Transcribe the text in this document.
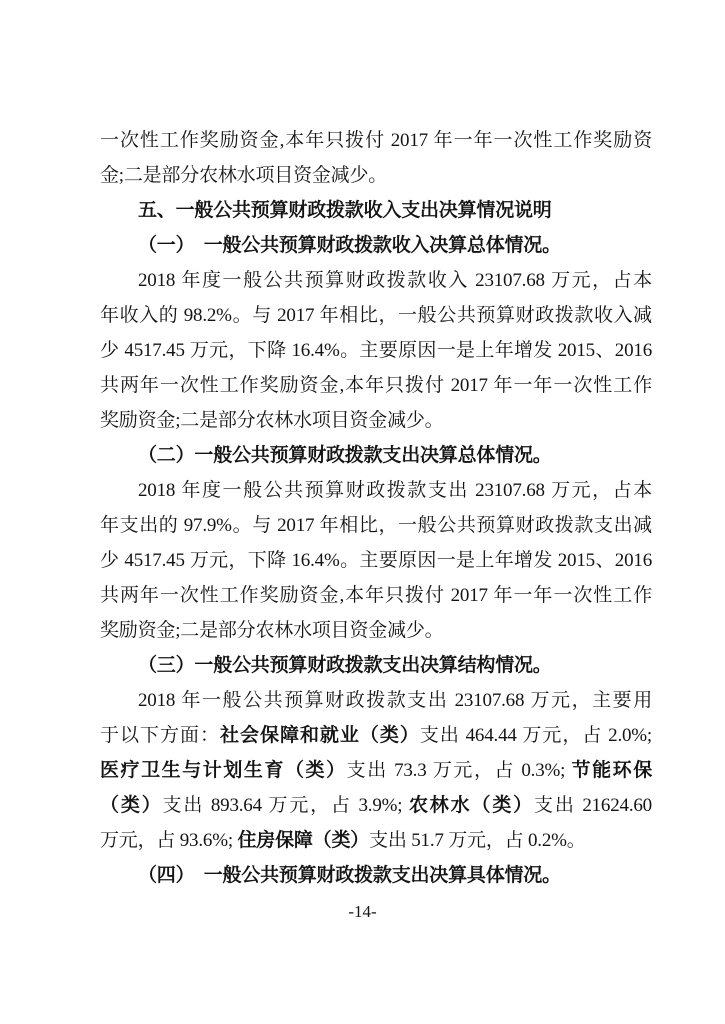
一次性工作奖励资金,本年只拨付 2017 年一年一次性工作奖励资
金;二是部分农林水项目资金减少。
五、一般公共预算财政拨款收入支出决算情况说明
（一）　一般公共预算财政拨款收入决算总体情况。
2018 年度一般公共预算财政拨款收入 23107.68 万元，占本
年收入的 98.2%。与 2017 年相比，一般公共预算财政拨款收入减
少 4517.45 万元，下降 16.4%。主要原因一是上年增发 2015、2016
共两年一次性工作奖励资金,本年只拨付 2017 年一年一次性工作
奖励资金;二是部分农林水项目资金减少。
（二）一般公共预算财政拨款支出决算总体情况。
2018 年度一般公共预算财政拨款支出 23107.68 万元，占本
年支出的 97.9%。与 2017 年相比，一般公共预算财政拨款支出减
少 4517.45 万元，下降 16.4%。主要原因一是上年增发 2015、2016
共两年一次性工作奖励资金,本年只拨付 2017 年一年一次性工作
奖励资金;二是部分农林水项目资金减少。
（三）一般公共预算财政拨款支出决算结构情况。
2018 年一般公共预算财政拨款支出 23107.68 万元，主要用
于以下方面：社会保障和就业（类）支出 464.44 万元，占 2.0%;
医疗卫生与计划生育（类）支出 73.3 万元，占 0.3%; 节能环保
（类）支出 893.64 万元，占 3.9%; 农林水（类）支出 21624.60
万元，占 93.6%; 住房保障（类）支出 51.7 万元，占 0.2%。
（四）　一般公共预算财政拨款支出决算具体情况。
-14-
